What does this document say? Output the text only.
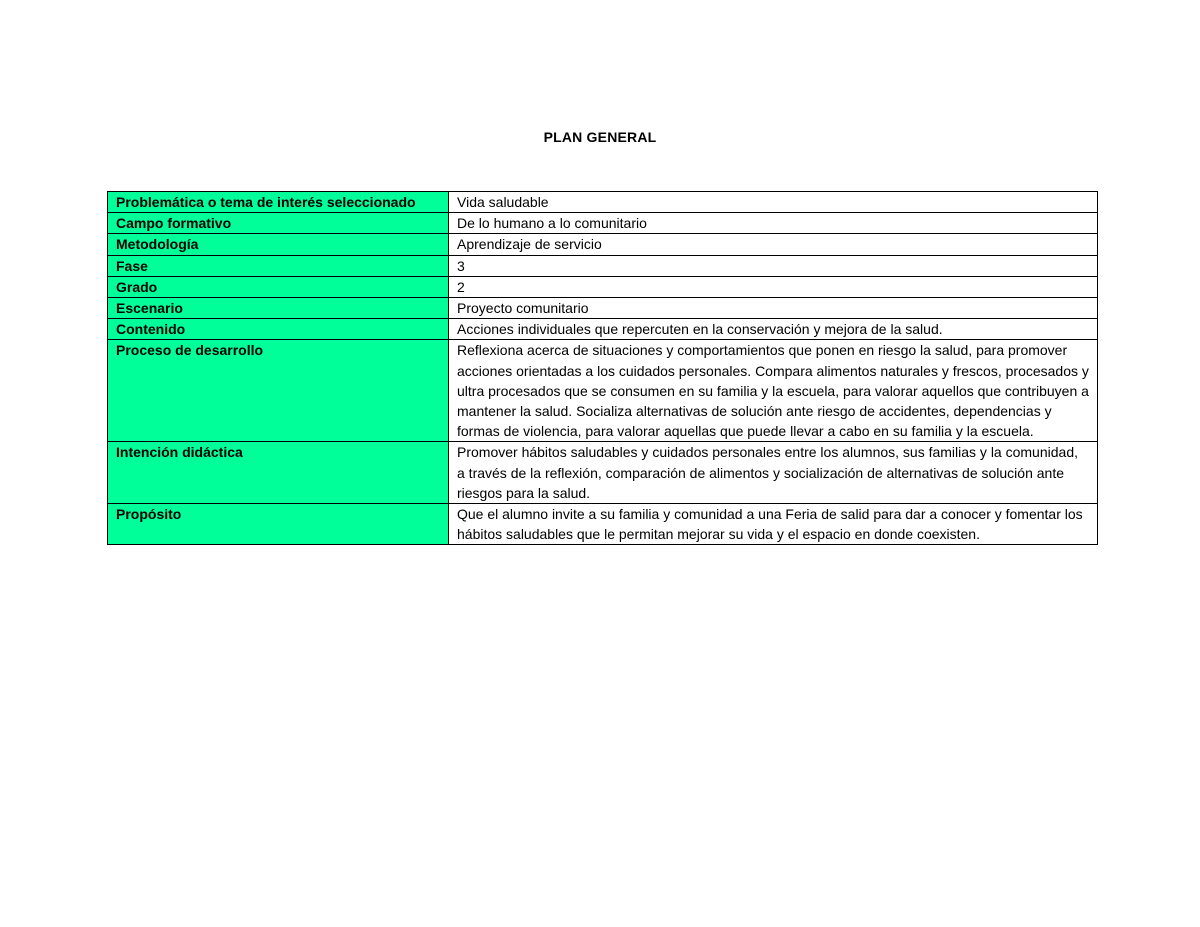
PLAN GENERAL
Problemática o tema de interés seleccionado	Vida saludable
Campo formativo	De lo humano a lo comunitario
Metodología	Aprendizaje de servicio
Fase	3
Grado	2
Escenario	Proyecto comunitario
Contenido	Acciones individuales que repercuten en la conservación y mejora de la salud.
Proceso de desarrollo	Reflexiona acerca de situaciones y comportamientos que ponen en riesgo la salud, para promover acciones orientadas a los cuidados personales. Compara alimentos naturales y frescos, procesados y ultra procesados que se consumen en su familia y la escuela, para valorar aquellos que contribuyen a mantener la salud. Socializa alternativas de solución ante riesgo de accidentes, dependencias y formas de violencia, para valorar aquellas que puede llevar a cabo en su familia y la escuela.
Intención didáctica	Promover hábitos saludables y cuidados personales entre los alumnos, sus familias y la comunidad, a través de la reflexión, comparación de alimentos y socialización de alternativas de solución ante riesgos para la salud.
Propósito	Que el alumno invite a su familia y comunidad a una Feria de salid para dar a conocer y fomentar los hábitos saludables que le permitan mejorar su vida y el espacio en donde coexisten.
